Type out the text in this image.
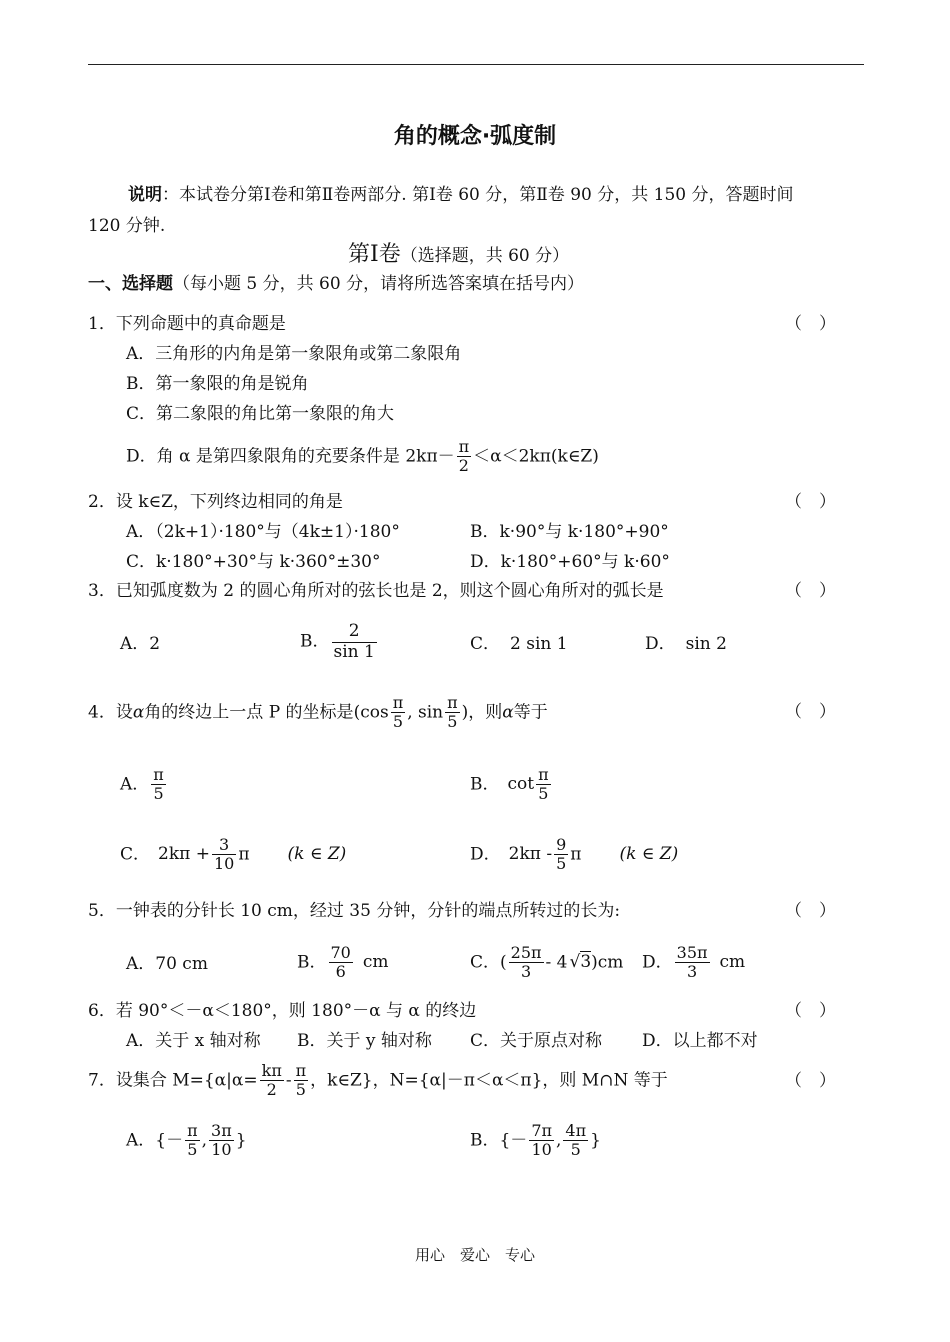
角的概念·弧度制
说明：本试卷分第Ⅰ卷和第Ⅱ卷两部分. 第Ⅰ卷 60 分，第Ⅱ卷 90 分，共 150 分，答题时间
120 分钟.
第Ⅰ卷（选择题，共 60 分）
一、选择题（每小题 5 分，共 60 分，请将所选答案填在括号内）
1．下列命题中的真命题是	（　）
A．三角形的内角是第一象限角或第二象限角
B．第一象限的角是锐角
C．第二象限的角比第一象限的角大
D．角 α 是第四象限角的充要条件是 $2k\pi- \frac{\pi}{2}$ ＜α＜2kπ(k∈Z)
2．设 k∈Z，下列终边相同的角是	（　）
A．（2k+1）·180°与（4k±1）·180°	B．k·90°与 k·180°+90°
C．k·180°+30°与 k·360°±30°	D．k·180°+60°与 k·60°
3．已知弧度数为 2 的圆心角所对的弦长也是 2，则这个圆心角所对的弧长是	（　）
A．2	B． $\frac{2}{\sin 1}$	C． 2 sin 1	D． sin 2
4．设α角的终边上一点 P 的坐标是($\cos \frac{\pi}{5}$ , $\sin \frac{\pi}{5}$ )，则α等于	（　）
A． $\frac{\pi}{5}$	B． $\cot \frac{\pi}{5}$
C． $2k\pi + \frac{3}{10}$ π (k ∈ Z)	D． $2k\pi - \frac{9}{5}$ π (k ∈ Z)
5．一钟表的分针长 10 cm，经过 35 分钟，分针的端点所转过的长为:	（　）
A．70 cm	B． $\frac{70}{6}$ cm	C．( $\frac{25\pi}{3} - 4$ √3)cm D． $\frac{35\pi}{3}$ cm
6．若 90°＜－α＜180°，则 180°－α 与 α 的终边	（　）
A．关于 x 轴对称 B．关于 y 轴对称 C．关于原点对称 D．以上都不对
7．设集合 $M=\{\alpha|\alpha= \frac{k\pi}{2} - \frac{\pi}{5}$ ，k∈Z}，N={α|－π＜α＜π}，则 M∩N 等于	（　）
A．{－ $\frac{\pi}{5}$ , $\frac{3\pi}{10}$ }	B．{－ $\frac{7\pi}{10}$ , $\frac{4\pi}{5}$ }
用心　爱心　专心
